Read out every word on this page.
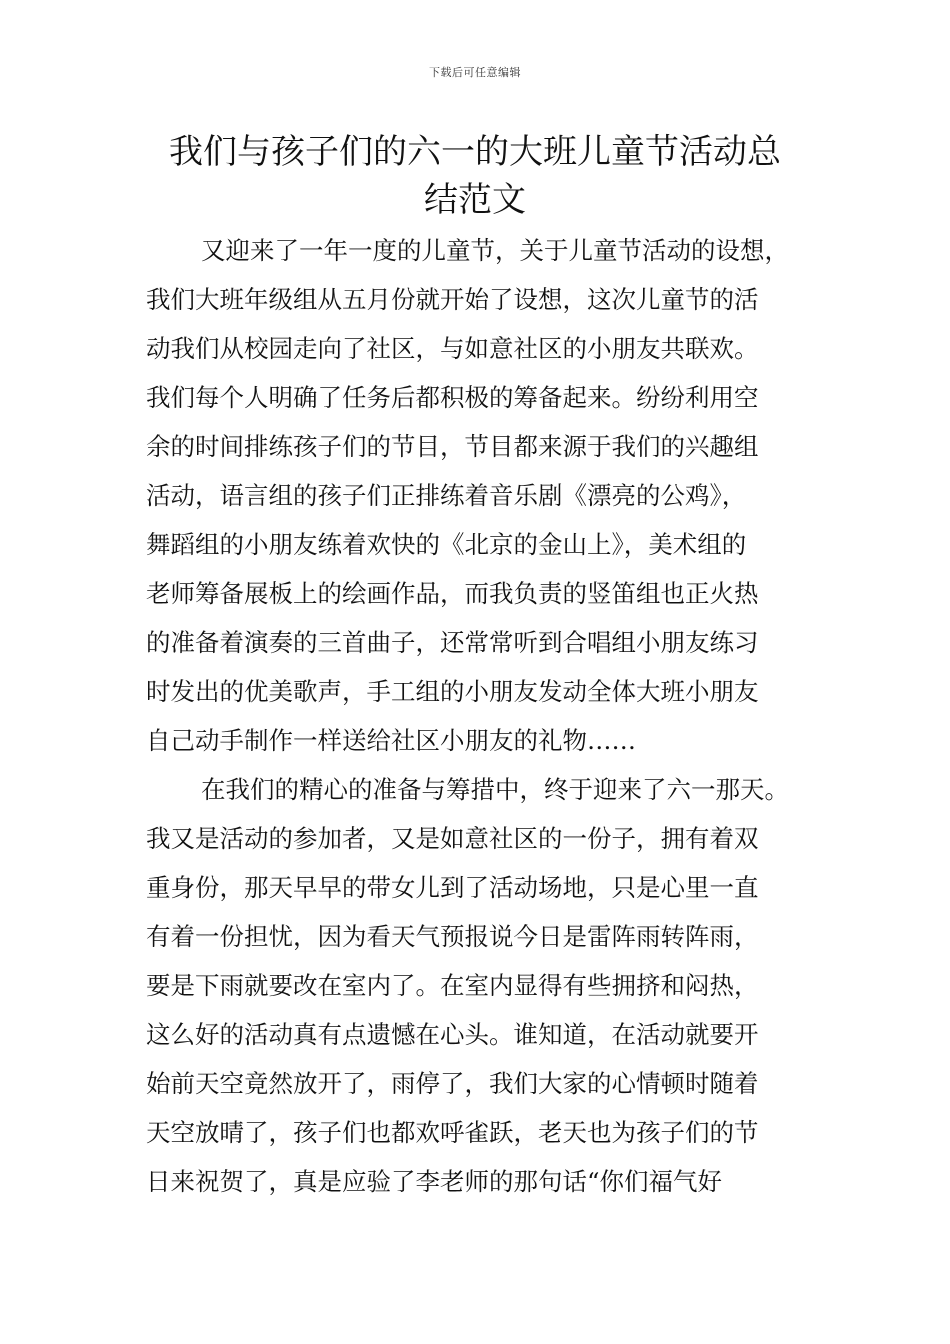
下载后可任意编辑
我们与孩子们的六一的大班儿童节活动总
结范文

又迎来了一年一度的儿童节，关于儿童节活动的设想，
我们大班年级组从五月份就开始了设想，这次儿童节的活
动我们从校园走向了社区，与如意社区的小朋友共联欢。
我们每个人明确了任务后都积极的筹备起来。纷纷利用空
余的时间排练孩子们的节目，节目都来源于我们的兴趣组
活动，语言组的孩子们正排练着音乐剧《漂亮的公鸡》，
舞蹈组的小朋友练着欢快的《北京的金山上》，美术组的
老师筹备展板上的绘画作品，而我负责的竖笛组也正火热
的准备着演奏的三首曲子，还常常听到合唱组小朋友练习
时发出的优美歌声，手工组的小朋友发动全体大班小朋友
自己动手制作一样送给社区小朋友的礼物……

在我们的精心的准备与筹措中，终于迎来了六一那天。
我又是活动的参加者，又是如意社区的一份子，拥有着双
重身份，那天早早的带女儿到了活动场地，只是心里一直
有着一份担忧，因为看天气预报说今日是雷阵雨转阵雨，
要是下雨就要改在室内了。在室内显得有些拥挤和闷热，
这么好的活动真有点遗憾在心头。谁知道，在活动就要开
始前天空竟然放开了，雨停了，我们大家的心情顿时随着
天空放晴了，孩子们也都欢呼雀跃，老天也为孩子们的节
日来祝贺了，真是应验了李老师的那句话“你们福气好
